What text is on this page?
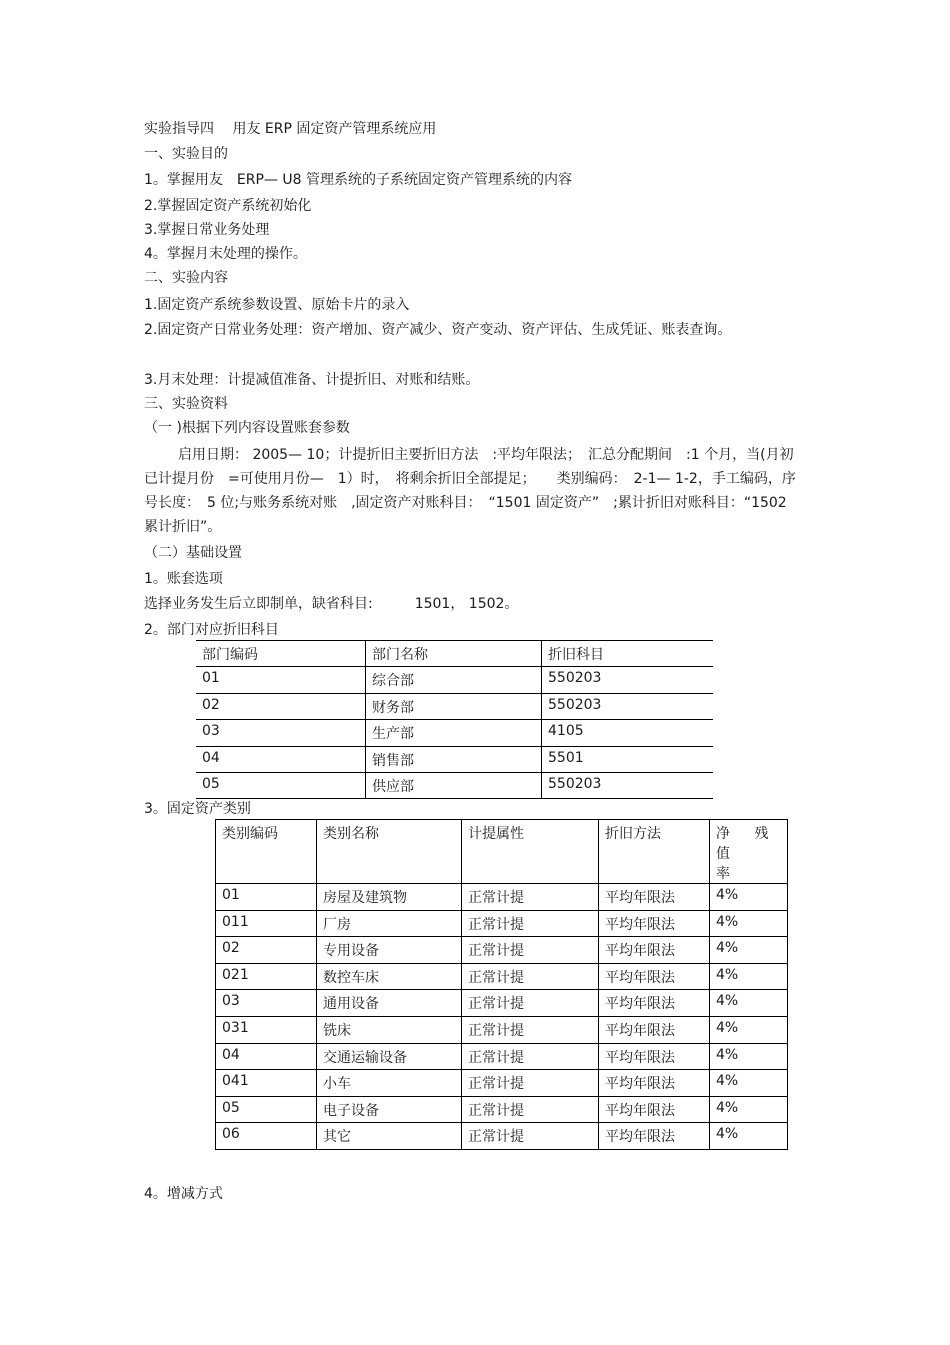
实验指导四　 用友 ERP 固定资产管理系统应用
一、实验目的
1。掌握用友　ERP— U8 管理系统的子系统固定资产管理系统的内容
2.掌握固定资产系统初始化
3.掌握日常业务处理
4。掌握月末处理的操作。
二、实验内容
1.固定资产系统参数设置、原始卡片的录入
2.固定资产日常业务处理：资产增加、资产减少、资产变动、资产评估、生成凭证、账表查询。
3.月末处理：计提减值准备、计提折旧、对账和结账。
三、实验资料
（一 )根据下列内容设置账套参数
启用日期： 2005— 10；计提折旧主要折旧方法　:平均年限法；　汇总分配期间　:1 个月，当(月初已计提月份　=可使用月份—　1）时，　将剩余折旧全部提足；　　类别编码：　2-1— 1-2，手工编码，序号长度：　5 位;与账务系统对账　,固定资产对账科目：　“1501 固定资产”　;累计折旧对账科目：“1502 累计折旧”。
（二）基础设置
1。账套选项
选择业务发生后立即制单，缺省科目:　　　1501， 1502。
2。部门对应折旧科目
部门编码	部门名称	折旧科目
01	综合部	550203
02	财务部	550203
03	生产部	4105
04	销售部	5501
05	供应部	550203
3。固定资产类别
类别编码	类别名称	计提属性	折旧方法	净 残 值
率
01	房屋及建筑物	正常计提	平均年限法	4%
011	厂房	正常计提	平均年限法	4%
02	专用设备	正常计提	平均年限法	4%
021	数控车床	正常计提	平均年限法	4%
03	通用设备	正常计提	平均年限法	4%
031	铣床	正常计提	平均年限法	4%
04	交通运输设备	正常计提	平均年限法	4%
041	小车	正常计提	平均年限法	4%
05	电子设备	正常计提	平均年限法	4%
06	其它	正常计提	平均年限法	4%
4。增减方式
